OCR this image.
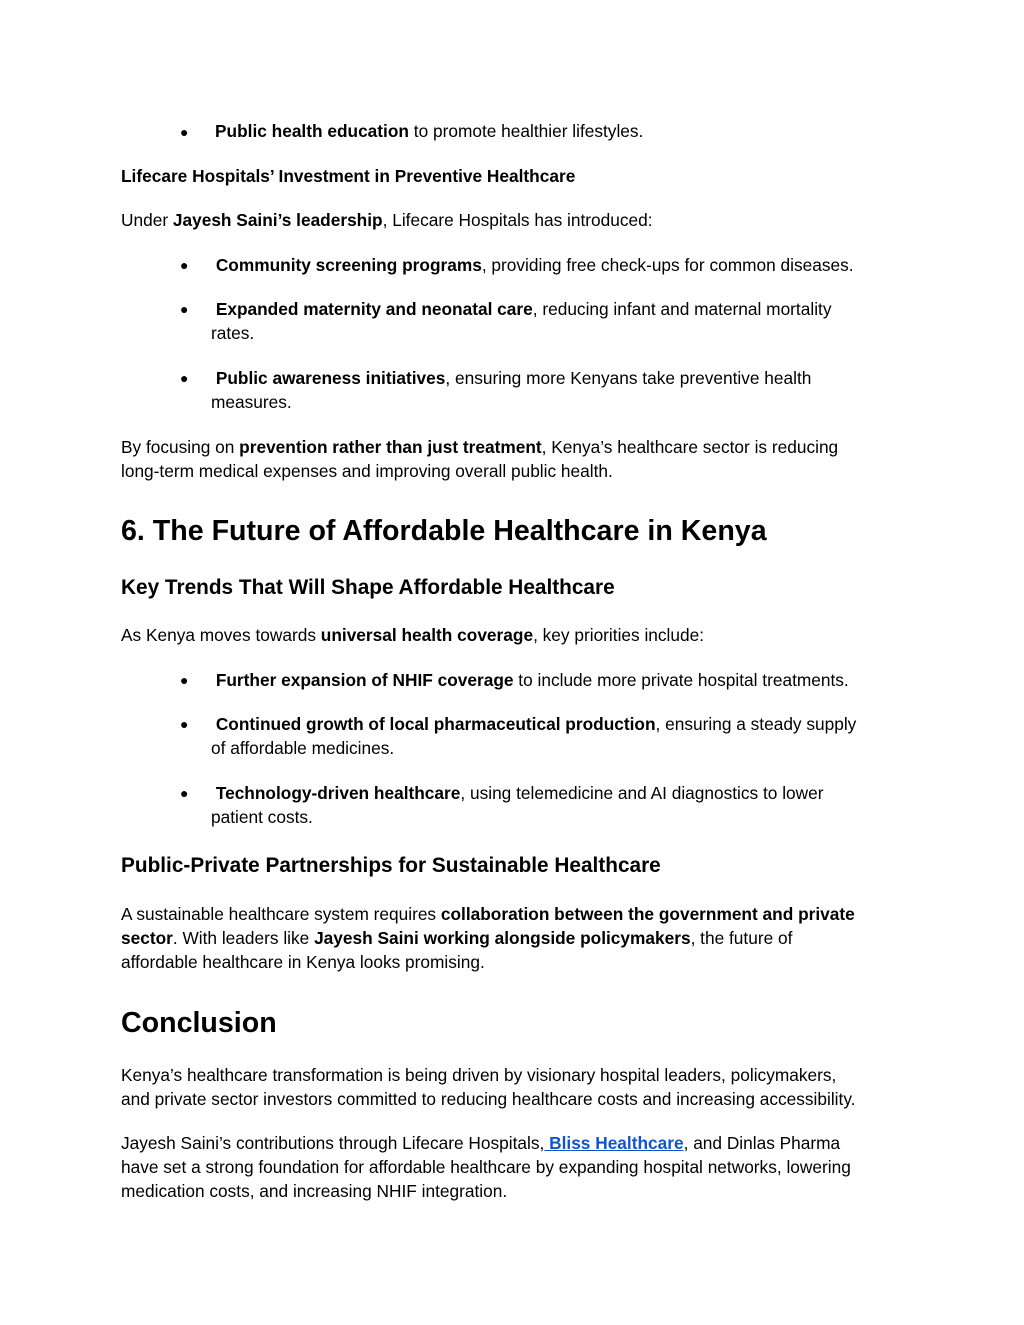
● Public health education to promote healthier lifestyles.

Lifecare Hospitals’ Investment in Preventive Healthcare

Under Jayesh Saini’s leadership, Lifecare Hospitals has introduced:

● Community screening programs, providing free check-ups for common diseases.

● Expanded maternity and neonatal care, reducing infant and maternal mortality
rates.

● Public awareness initiatives, ensuring more Kenyans take preventive health
measures.

By focusing on prevention rather than just treatment, Kenya’s healthcare sector is reducing
long-term medical expenses and improving overall public health.

6. The Future of Affordable Healthcare in Kenya
Key Trends That Will Shape Affordable Healthcare

As Kenya moves towards universal health coverage, key priorities include:

● Further expansion of NHIF coverage to include more private hospital treatments.

● Continued growth of local pharmaceutical production, ensuring a steady supply
of affordable medicines.

● Technology-driven healthcare, using telemedicine and AI diagnostics to lower
patient costs.

Public-Private Partnerships for Sustainable Healthcare

A sustainable healthcare system requires collaboration between the government and private
sector. With leaders like Jayesh Saini working alongside policymakers, the future of
affordable healthcare in Kenya looks promising.

Conclusion

Kenya’s healthcare transformation is being driven by visionary hospital leaders, policymakers,
and private sector investors committed to reducing healthcare costs and increasing accessibility.

Jayesh Saini’s contributions through Lifecare Hospitals, Bliss Healthcare, and Dinlas Pharma
have set a strong foundation for affordable healthcare by expanding hospital networks, lowering
medication costs, and increasing NHIF integration.
